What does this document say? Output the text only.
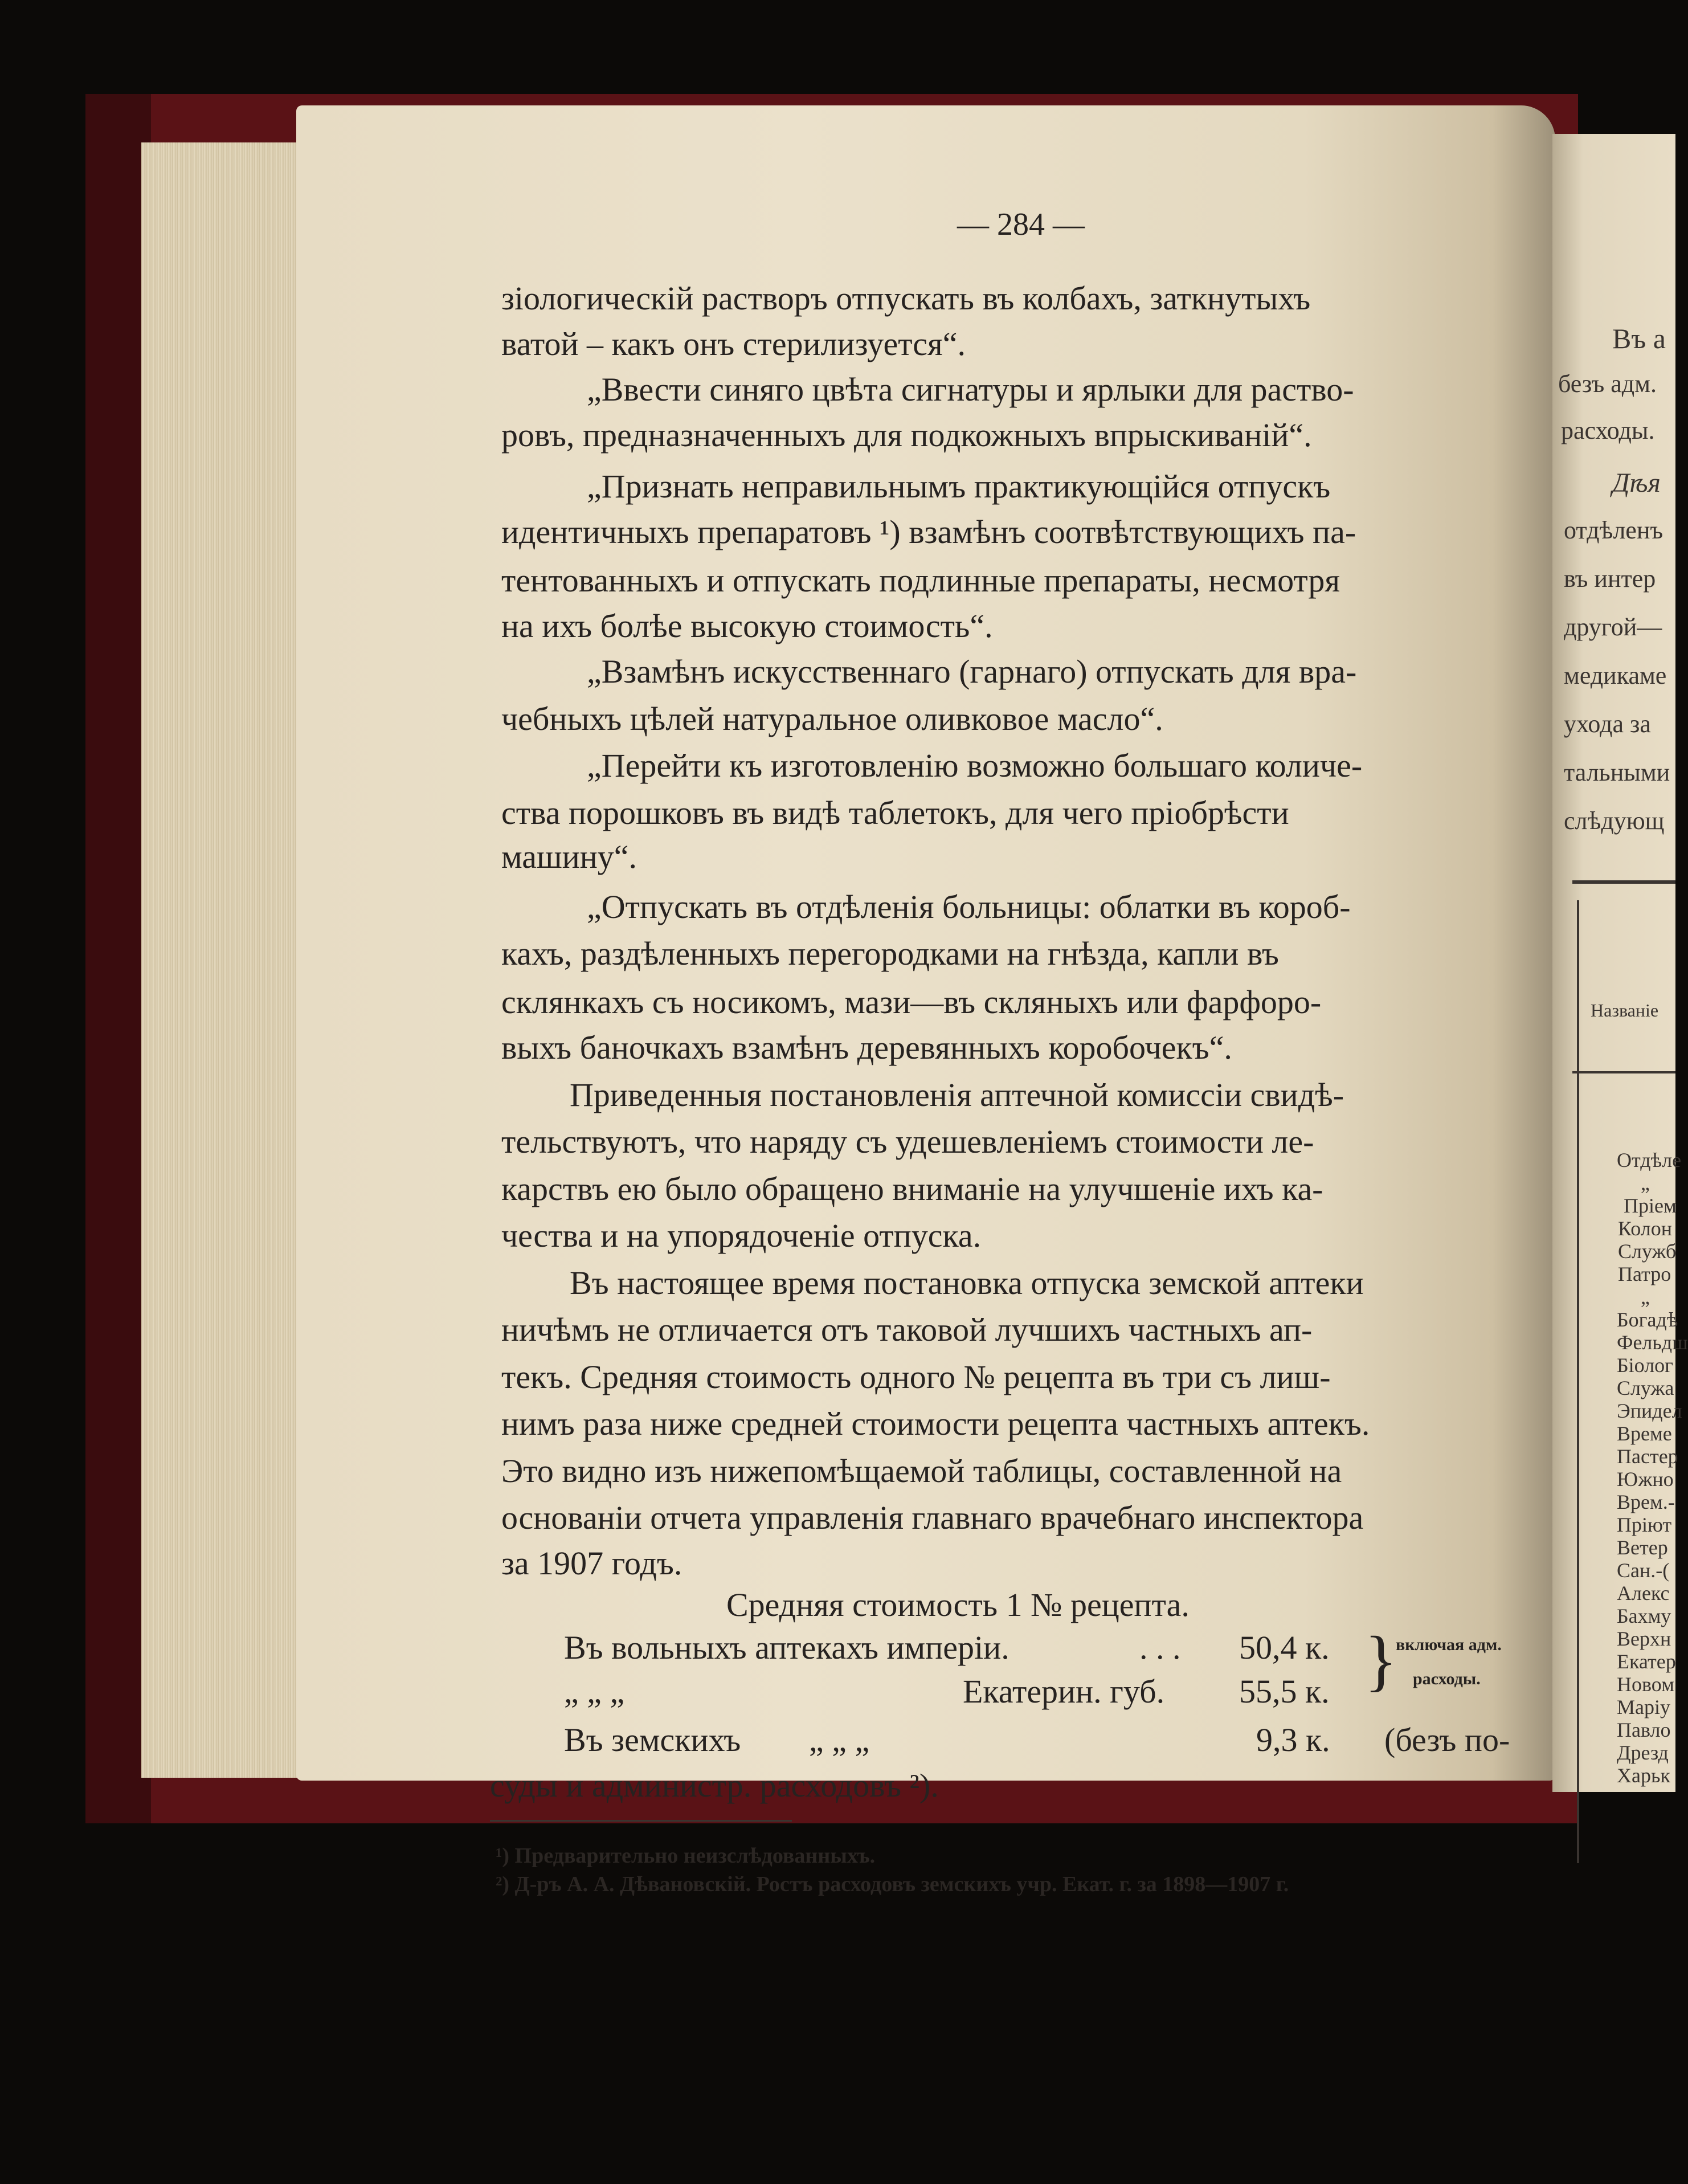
— 284 —
зiологическiй растворъ отпускать въ колбахъ, заткнутыхъ
ватой – какъ онъ стерилизуется“.
„Ввести синяго цвѣта сигнатуры и ярлыки для раство-
ровъ, предназначенныхъ для подкожныхъ впрыскиванiй“.
„Признать неправильнымъ практикующiйся отпускъ
идентичныхъ препаратовъ ¹) взамѣнъ соотвѣтствующихъ па-
тентованныхъ и отпускать подлинные препараты, несмотря
на ихъ болѣе высокую стоимость“.
„Взамѣнъ искусственнаго (гарнаго) отпускать для вра-
чебныхъ цѣлей натуральное оливковое масло“.
„Перейти къ изготовленiю возможно большаго количе-
ства порошковъ въ видѣ таблетокъ, для чего прiобрѣсти
машину“.
„Отпускать въ отдѣленiя больницы: облатки въ короб-
кахъ, раздѣленныхъ перегородками на гнѣзда, капли въ
склянкахъ съ носикомъ, мази—въ скляныхъ или фарфоро-
выхъ баночкахъ взамѣнъ деревянныхъ коробочекъ“.
Приведенныя постановленiя аптечной комиссiи свидѣ-
тельствуютъ, что наряду съ удешевленiемъ стоимости ле-
карствъ ею было обращено вниманiе на улучшенiе ихъ ка-
чества и на упорядоченiе отпуска.
Въ настоящее время постановка отпуска земской аптеки
ничѣмъ не отличается отъ таковой лучшихъ частныхъ ап-
текъ. Средняя стоимость одного № рецепта въ три съ лиш-
нимъ раза ниже средней стоимости рецепта частныхъ аптекъ.
Это видно изъ нижепомѣщаемой таблицы, составленной на
основанiи отчета управленiя главнаго врачебнаго инспектора
за 1907 годъ.
Средняя стоимость 1 № рецепта.
Въ вольныхъ аптекахъ имперiи.	. . . 50,4 к.
„ „ „	Екатерин. губ. 55,5 к. }
включая адм.
расходы.
Въ земскихъ „ „ „	9,3 к. (безъ по-
суды и администр. расходовъ ²).
¹) Предварительно неизслѣдованныхъ.
²) Д-ръ А. А. Дѣвановскiй. Ростъ расходовъ земскихъ учр. Екат. г. за 1898—1907 г.
Въ а
безъ адм.
расходы.
Дѣя
отдѣленъ
въ интер
другой—
медикаме
ухода за
тальными
слѣдующ
Названiе
Отдѣле
„
Прiем
Колон
Служб
Патро
„
Богадѣ
Фельдш
Бiолог
Служа
Эпидел
Време
Пастер
Южно
Врем.-
Прiют
Ветер
Сан.-(
Алекс
Бахму
Верхн
Екатер
Новом
Марiу
Павло
Дрезд
Харьк
